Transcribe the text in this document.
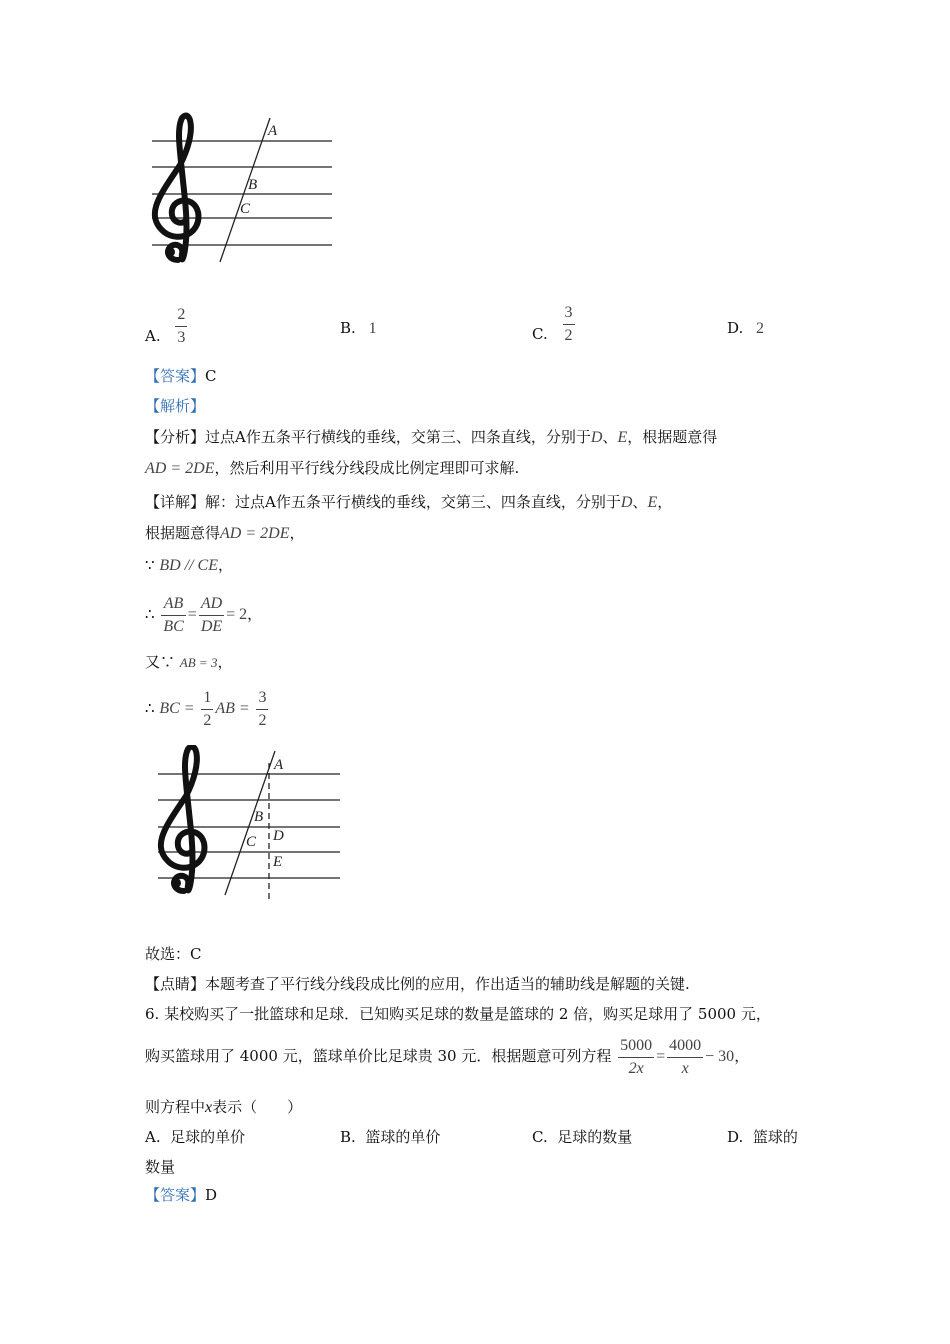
A
B
C
A. $\frac{2}{3}$	B. 1	C. $\frac{3}{2}$	D. 2
【答案】C
【解析】
【分析】过点A作五条平行横线的垂线，交第三、四条直线，分别于D、E，根据题意得
AD = 2DE，然后利用平行线分线段成比例定理即可求解.
【详解】解：过点A作五条平行横线的垂线，交第三、四条直线，分别于D、E，
根据题意得AD = 2DE，
∵ BD // CE，
∴ $\frac{AB}{BC} = \frac{AD}{DE} = 2$，
又∵ AB = 3，
∴ BC = $\frac{1}{2}$ AB = $\frac{3}{2}$
A
B
C D
E
故选：C
【点睛】本题考查了平行线分线段成比例的应用，作出适当的辅助线是解题的关键.
6. 某校购买了一批篮球和足球．已知购买足球的数量是篮球的 2 倍，购买足球用了 5000 元，
购买篮球用了 4000 元，篮球单价比足球贵 30 元．根据题意可列方程 $\frac{5000}{2x} = \frac{4000}{x} - 30$，
则方程中x表示（　　）
A. 足球的单价	B. 篮球的单价	C. 足球的数量	D. 篮球的
数量
【答案】D
